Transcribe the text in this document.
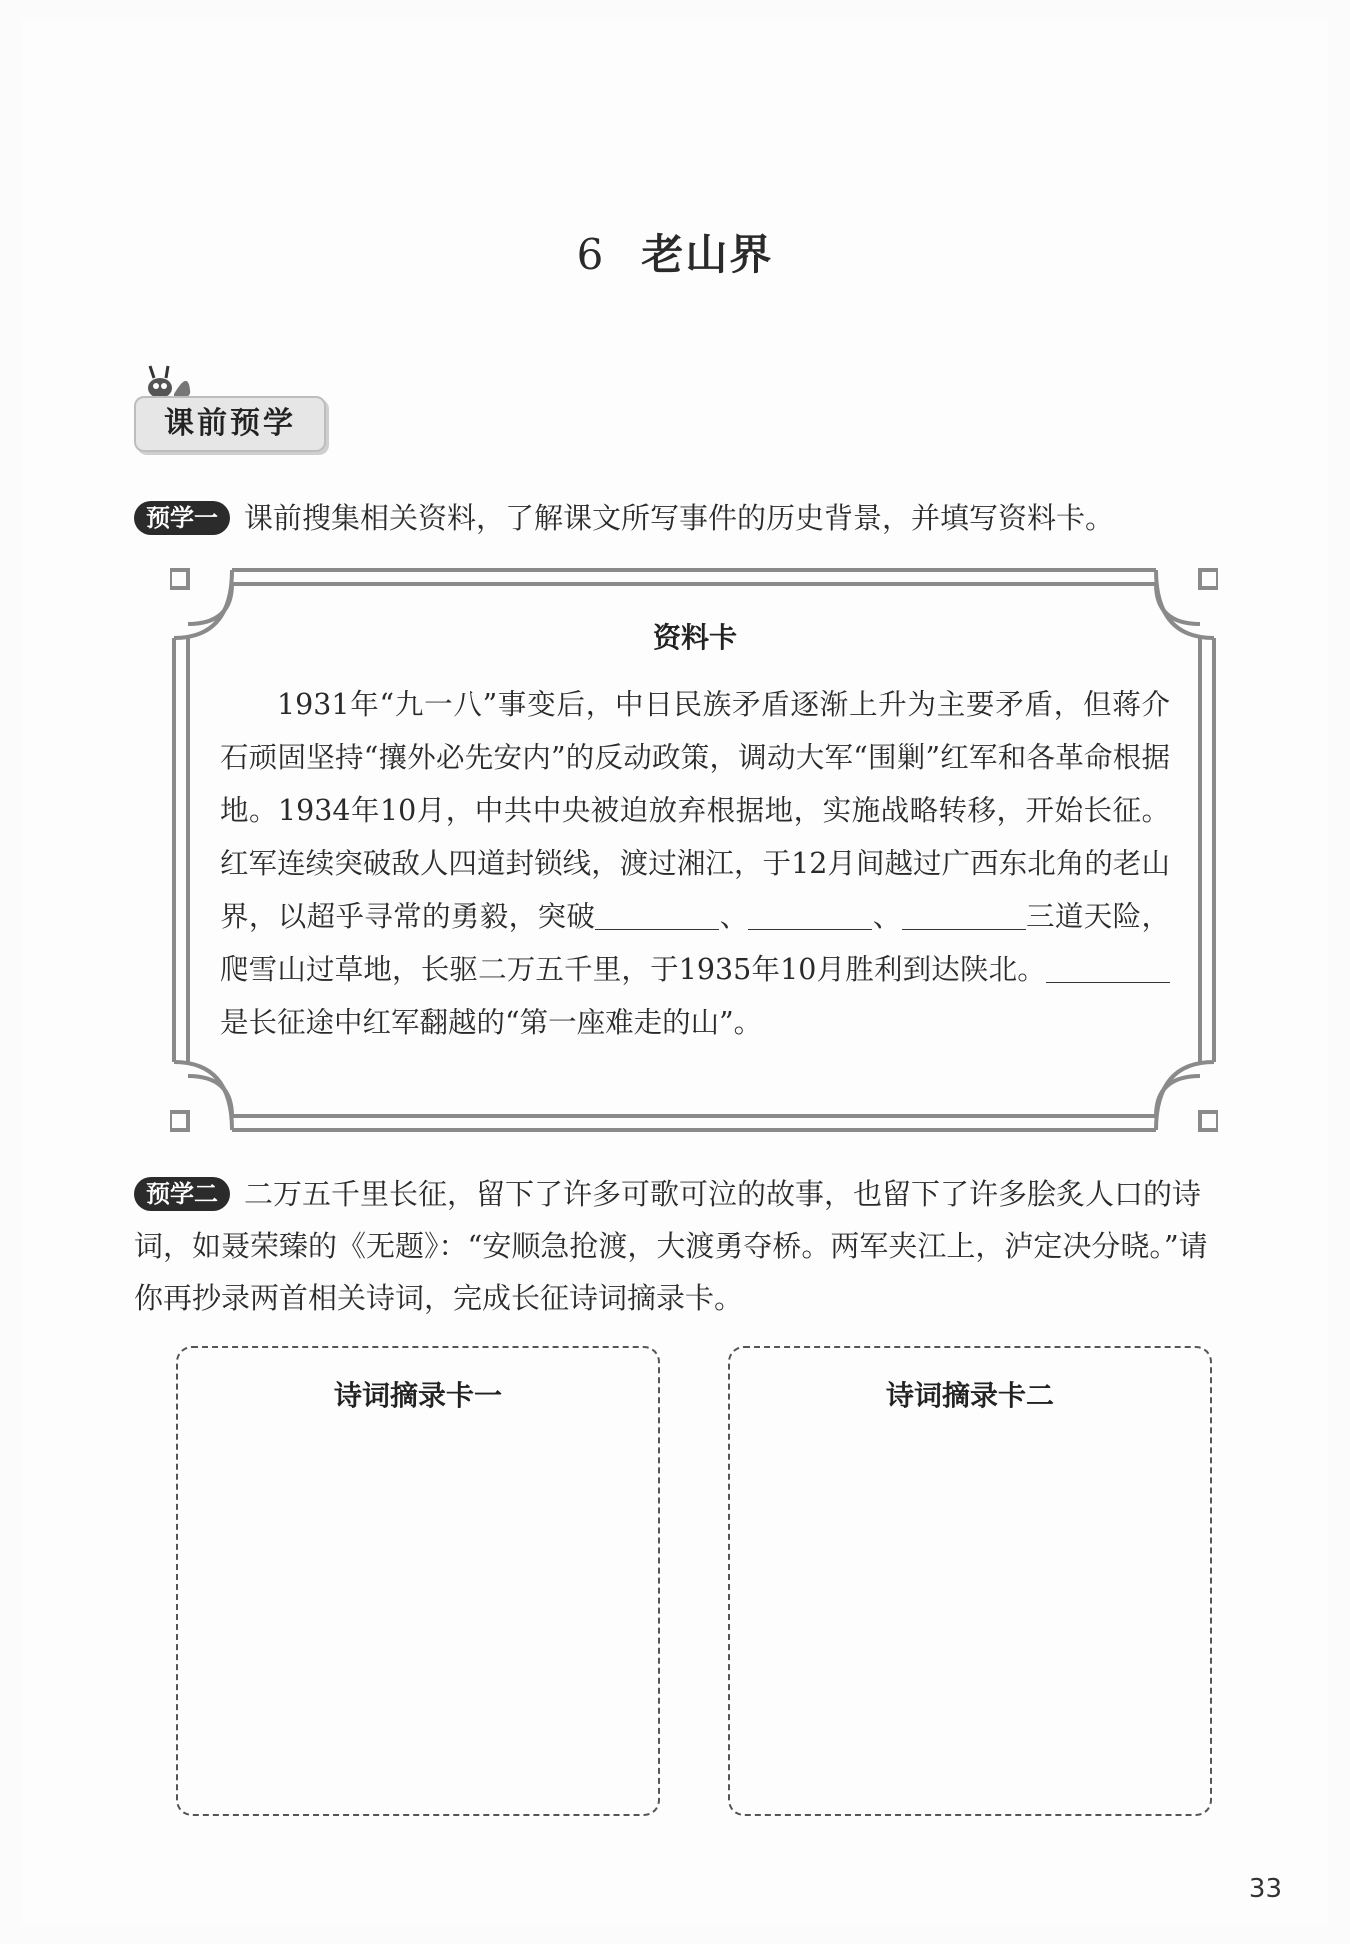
6 老山界
课前预学
预学一 课前搜集相关资料，了解课文所写事件的历史背景，并填写资料卡。
资料卡

1931年“九一八”事变后，中日民族矛盾逐渐上升为主要矛盾，但蒋介石顽固坚持“攘外必先安内”的反动政策，调动大军“围剿”红军和各革命根据地。1934年10月，中共中央被迫放弃根据地，实施战略转移，开始长征。红军连续突破敌人四道封锁线，渡过湘江，于12月间越过广西东北角的老山界，以超乎寻常的勇毅，突破	、	、	三道天险，爬雪山过草地，长驱二万五千里，于1935年10月胜利到达陕北。是长征途中红军翻越的“第一座难走的山”。

预学二 二万五千里长征，留下了许多可歌可泣的故事，也留下了许多脍炙人口的诗词，如聂荣臻的《无题》：“安顺急抢渡，大渡勇夺桥。两军夹江上，泸定决分晓。”请你再抄录两首相关诗词，完成长征诗词摘录卡。
诗词摘录卡一	诗词摘录卡二
33
